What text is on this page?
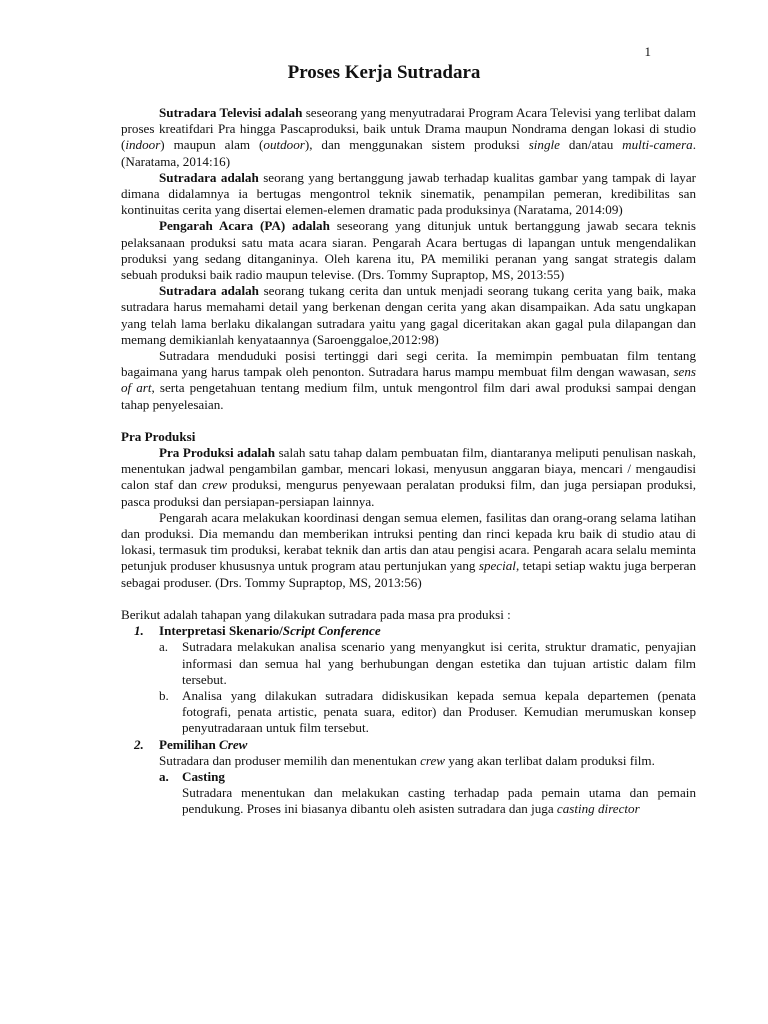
1
Proses Kerja Sutradara

Sutradara Televisi adalah seseorang yang menyutradarai Program Acara Televisi yang terlibat dalam proses kreatifdari Pra hingga Pascaproduksi, baik untuk Drama maupun Nondrama dengan lokasi di studio (indoor) maupun alam (outdoor), dan menggunakan sistem produksi single dan/atau multi-camera. (Naratama, 2014:16)

Sutradara adalah seorang yang bertanggung jawab terhadap kualitas gambar yang tampak di layar dimana didalamnya ia bertugas mengontrol teknik sinematik, penampilan pemeran, kredibilitas san kontinuitas cerita yang disertai elemen-elemen dramatic pada produksinya (Naratama, 2014:09)

Pengarah Acara (PA) adalah seseorang yang ditunjuk untuk bertanggung jawab secara teknis pelaksanaan produksi satu mata acara siaran. Pengarah Acara bertugas di lapangan untuk mengendalikan produksi yang sedang ditanganinya. Oleh karena itu, PA memiliki peranan yang sangat strategis dalam sebuah produksi baik radio maupun televise. (Drs. Tommy Supraptop, MS, 2013:55)

Sutradara adalah seorang tukang cerita dan untuk menjadi seorang tukang cerita yang baik, maka sutradara harus memahami detail yang berkenan dengan cerita yang akan disampaikan. Ada satu ungkapan yang telah lama berlaku dikalangan sutradara yaitu yang gagal diceritakan akan gagal pula dilapangan dan memang demikianlah kenyataannya (Saroenggaloe,2012:98)

Sutradara menduduki posisi tertinggi dari segi cerita. Ia memimpin pembuatan film tentang bagaimana yang harus tampak oleh penonton. Sutradara harus mampu membuat film dengan wawasan, sens of art, serta pengetahuan tentang medium film, untuk mengontrol film dari awal produksi sampai dengan tahap penyelesaian.

Pra Produksi

Pra Produksi adalah salah satu tahap dalam pembuatan film, diantaranya meliputi penulisan naskah, menentukan jadwal pengambilan gambar, mencari lokasi, menyusun anggaran biaya, mencari / mengaudisi calon staf dan crew produksi, mengurus penyewaan peralatan produksi film, dan juga persiapan produksi, pasca produksi dan persiapan-persiapan lainnya.

Pengarah acara melakukan koordinasi dengan semua elemen, fasilitas dan orang-orang selama latihan dan produksi. Dia memandu dan memberikan intruksi penting dan rinci kepada kru baik di studio atau di lokasi, termasuk tim produksi, kerabat teknik dan artis dan atau pengisi acara. Pengarah acara selalu meminta petunjuk produser khususnya untuk program atau pertunjukan yang special, tetapi setiap waktu juga berperan sebagai produser. (Drs. Tommy Supraptop, MS, 2013:56)

Berikut adalah tahapan yang dilakukan sutradara pada masa pra produksi :

1. Interpretasi Skenario/Script Conference

a. Sutradara melakukan analisa scenario yang menyangkut isi cerita, struktur dramatic, penyajian informasi dan semua hal yang berhubungan dengan estetika dan tujuan artistic dalam film tersebut.

b. Analisa yang dilakukan sutradara didiskusikan kepada semua kepala departemen (penata fotografi, penata artistic, penata suara, editor) dan Produser. Kemudian merumuskan konsep penyutradaraan untuk film tersebut.

2. Pemilihan Crew

Sutradara dan produser memilih dan menentukan crew yang akan terlibat dalam produksi film.

a. Casting

Sutradara menentukan dan melakukan casting terhadap pada pemain utama dan pemain pendukung. Proses ini biasanya dibantu oleh asisten sutradara dan juga casting director
